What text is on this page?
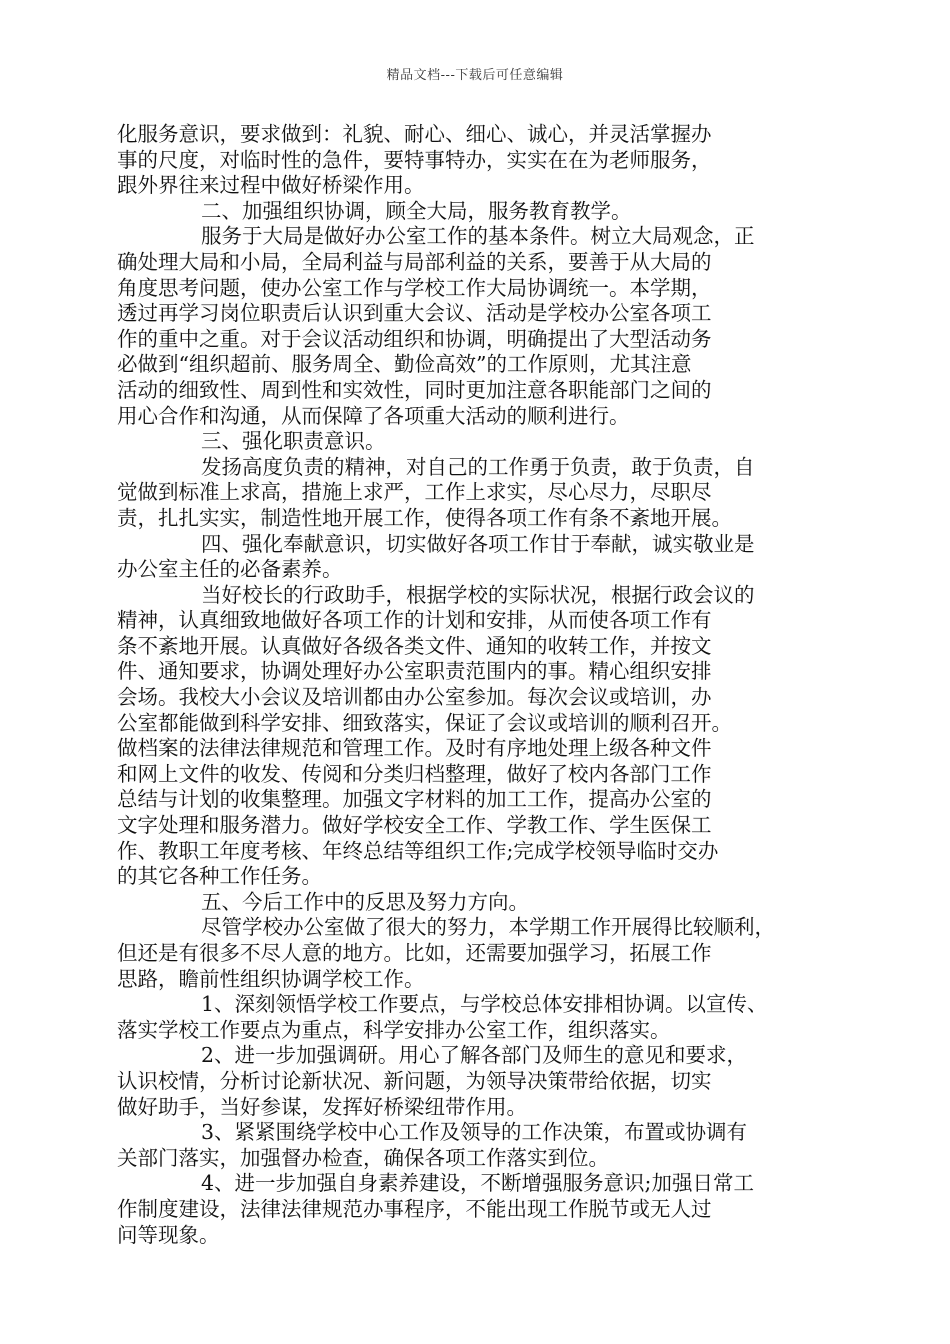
精品文档---下载后可任意编辑
化服务意识，要求做到：礼貌、耐心、细心、诚心，并灵活掌握办
事的尺度，对临时性的急件，要特事特办，实实在在为老师服务，
跟外界往来过程中做好桥梁作用。
二、加强组织协调，顾全大局，服务教育教学。
服务于大局是做好办公室工作的基本条件。树立大局观念，正
确处理大局和小局，全局利益与局部利益的关系，要善于从大局的
角度思考问题，使办公室工作与学校工作大局协调统一。本学期，
透过再学习岗位职责后认识到重大会议、活动是学校办公室各项工
作的重中之重。对于会议活动组织和协调，明确提出了大型活动务
必做到“组织超前、服务周全、勤俭高效”的工作原则，尤其注意
活动的细致性、周到性和实效性，同时更加注意各职能部门之间的
用心合作和沟通，从而保障了各项重大活动的顺利进行。
三、强化职责意识。
发扬高度负责的精神，对自己的工作勇于负责，敢于负责，自
觉做到标准上求高，措施上求严，工作上求实，尽心尽力，尽职尽
责，扎扎实实，制造性地开展工作，使得各项工作有条不紊地开展。
四、强化奉献意识，切实做好各项工作甘于奉献，诚实敬业是
办公室主任的必备素养。
当好校长的行政助手，根据学校的实际状况，根据行政会议的
精神，认真细致地做好各项工作的计划和安排，从而使各项工作有
条不紊地开展。认真做好各级各类文件、通知的收转工作，并按文
件、通知要求，协调处理好办公室职责范围内的事。精心组织安排
会场。我校大小会议及培训都由办公室参加。每次会议或培训，办
公室都能做到科学安排、细致落实，保证了会议或培训的顺利召开。
做档案的法律法律规范和管理工作。及时有序地处理上级各种文件
和网上文件的收发、传阅和分类归档整理，做好了校内各部门工作
总结与计划的收集整理。加强文字材料的加工工作，提高办公室的
文字处理和服务潜力。做好学校安全工作、学教工作、学生医保工
作、教职工年度考核、年终总结等组织工作;完成学校领导临时交办
的其它各种工作任务。
五、今后工作中的反思及努力方向。
尽管学校办公室做了很大的努力，本学期工作开展得比较顺利，
但还是有很多不尽人意的地方。比如，还需要加强学习，拓展工作
思路，瞻前性组织协调学校工作。
1、深刻领悟学校工作要点，与学校总体安排相协调。以宣传、
落实学校工作要点为重点，科学安排办公室工作，组织落实。
2、进一步加强调研。用心了解各部门及师生的意见和要求，
认识校情，分析讨论新状况、新问题，为领导决策带给依据，切实
做好助手，当好参谋，发挥好桥梁纽带作用。
3、紧紧围绕学校中心工作及领导的工作决策，布置或协调有
关部门落实，加强督办检查，确保各项工作落实到位。
4、进一步加强自身素养建设，不断增强服务意识;加强日常工
作制度建设，法律法律规范办事程序，不能出现工作脱节或无人过
问等现象。
